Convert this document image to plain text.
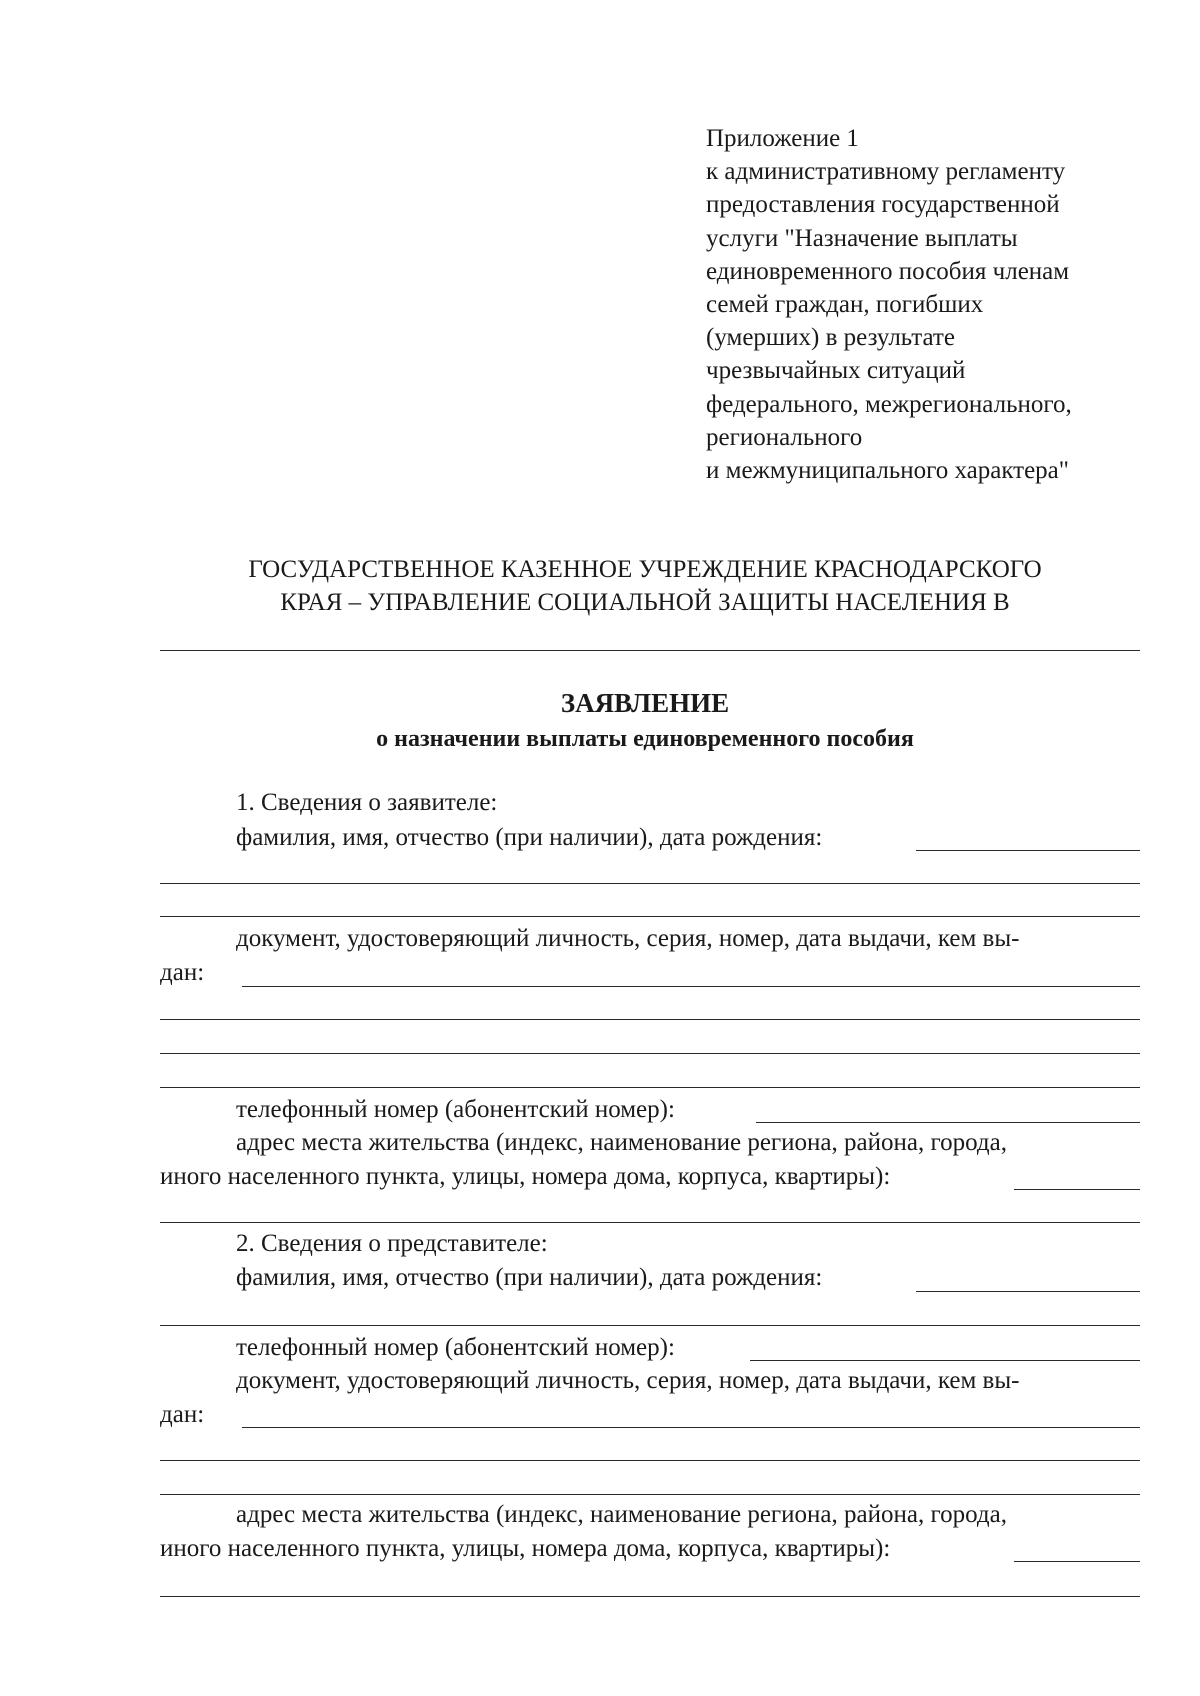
Приложение 1
к административному регламенту
предоставления государственной
услуги "Назначение выплаты
единовременного пособия членам
семей граждан, погибших
(умерших) в результате
чрезвычайных ситуаций
федерального, межрегионального,
регионального
и межмуниципального характера"
ГОСУДАРСТВЕННОЕ КАЗЕННОЕ УЧРЕЖДЕНИЕ КРАСНОДАРСКОГО
КРАЯ – УПРАВЛЕНИЕ СОЦИАЛЬНОЙ ЗАЩИТЫ НАСЕЛЕНИЯ В
ЗАЯВЛЕНИЕ
о назначении выплаты единовременного пособия
1. Сведения о заявителе:
фамилия, имя, отчество (при наличии), дата рождения:
документ, удостоверяющий личность, серия, номер, дата выдачи, кем вы-
дан:
телефонный номер (абонентский номер):
адрес места жительства (индекс, наименование региона, района, города,
иного населенного пункта, улицы, номера дома, корпуса, квартиры):
2. Сведения о представителе:
фамилия, имя, отчество (при наличии), дата рождения:
телефонный номер (абонентский номер):
документ, удостоверяющий личность, серия, номер, дата выдачи, кем вы-
дан:
адрес места жительства (индекс, наименование региона, района, города,
иного населенного пункта, улицы, номера дома, корпуса, квартиры):
